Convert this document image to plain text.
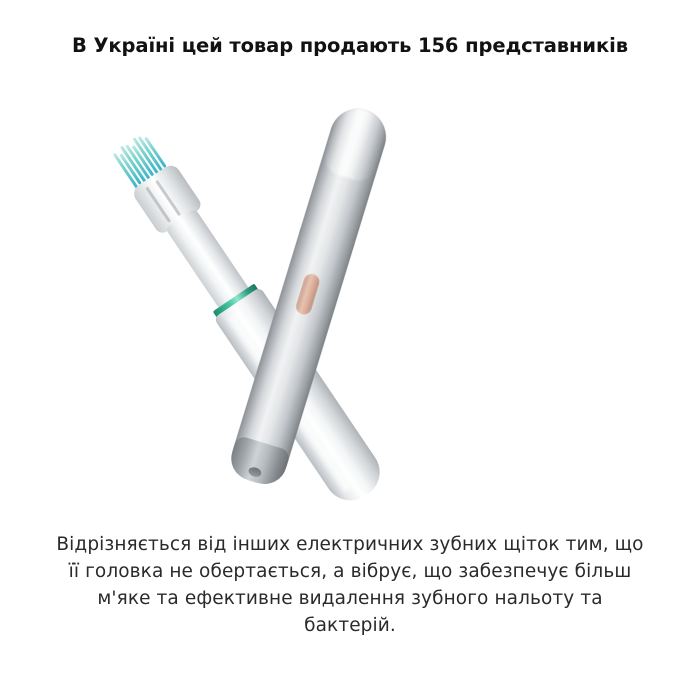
В Україні цей товар продають 156 представників
Відрізняється від інших електричних зубних щіток тим, що її головка не обертається, а вібрує, що забезпечує більш м'яке та ефективне видалення зубного нальоту та бактерій.
